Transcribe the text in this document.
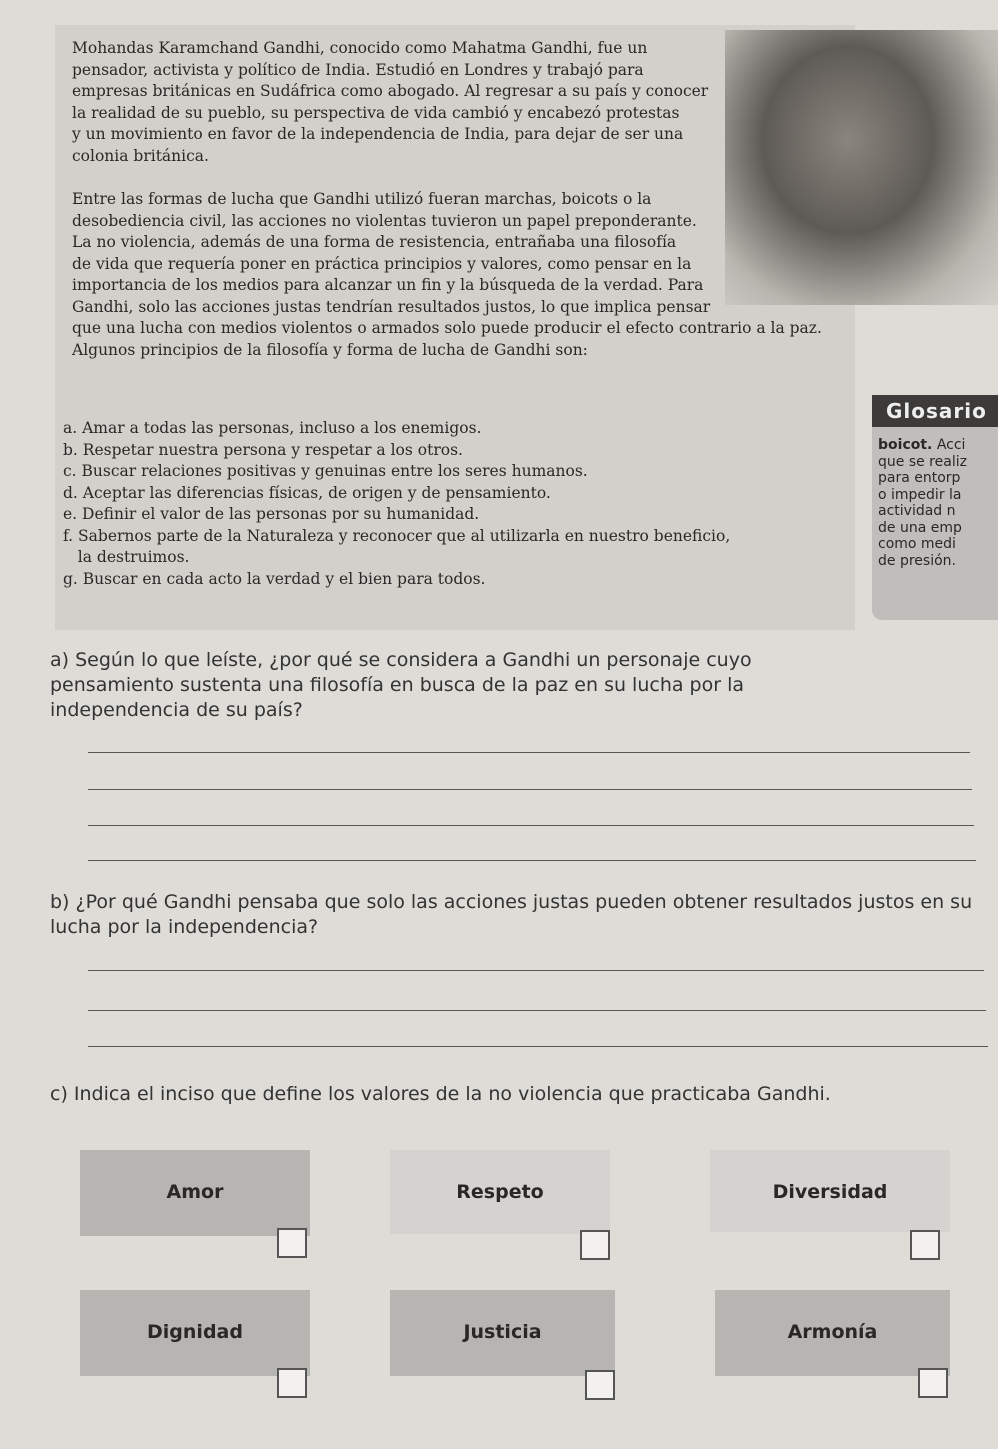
Mohandas Karamchand Gandhi, conocido como Mahatma Gandhi, fue un
pensador, activista y político de India. Estudió en Londres y trabajó para
empresas británicas en Sudáfrica como abogado. Al regresar a su país y conocer
la realidad de su pueblo, su perspectiva de vida cambió y encabezó protestas
y un movimiento en favor de la independencia de India, para dejar de ser una
colonia británica.
Entre las formas de lucha que Gandhi utilizó fueran marchas, boicots o la
desobediencia civil, las acciones no violentas tuvieron un papel preponderante.
La no violencia, además de una forma de resistencia, entrañaba una filosofía
de vida que requería poner en práctica principios y valores, como pensar en la
importancia de los medios para alcanzar un fin y la búsqueda de la verdad. Para
Gandhi, solo las acciones justas tendrían resultados justos, lo que implica pensar
que una lucha con medios violentos o armados solo puede producir el efecto contrario a la paz.
Algunos principios de la filosofía y forma de lucha de Gandhi son:
a. Amar a todas las personas, incluso a los enemigos.
b. Respetar nuestra persona y respetar a los otros.
c. Buscar relaciones positivas y genuinas entre los seres humanos.
d. Aceptar las diferencias físicas, de origen y de pensamiento.
e. Definir el valor de las personas por su humanidad.
f. Sabernos parte de la Naturaleza y reconocer que al utilizarla en nuestro beneficio,
la destruimos.
g. Buscar en cada acto la verdad y el bien para todos.
Glosario
boicot. Acci
que se realiz
para entorp
o impedir la
actividad n
de una emp
como medi
de presión.
a) Según lo que leíste, ¿por qué se considera a Gandhi un personaje cuyo pensamiento sustenta una filosofía en busca de la paz en su lucha por la independencia de su país?
b) ¿Por qué Gandhi pensaba que solo las acciones justas pueden obtener resultados justos en su lucha por la independencia?
c) Indica el inciso que define los valores de la no violencia que practicaba Gandhi.
Amor	Respeto	Diversidad
Dignidad	Justicia	Armonía
